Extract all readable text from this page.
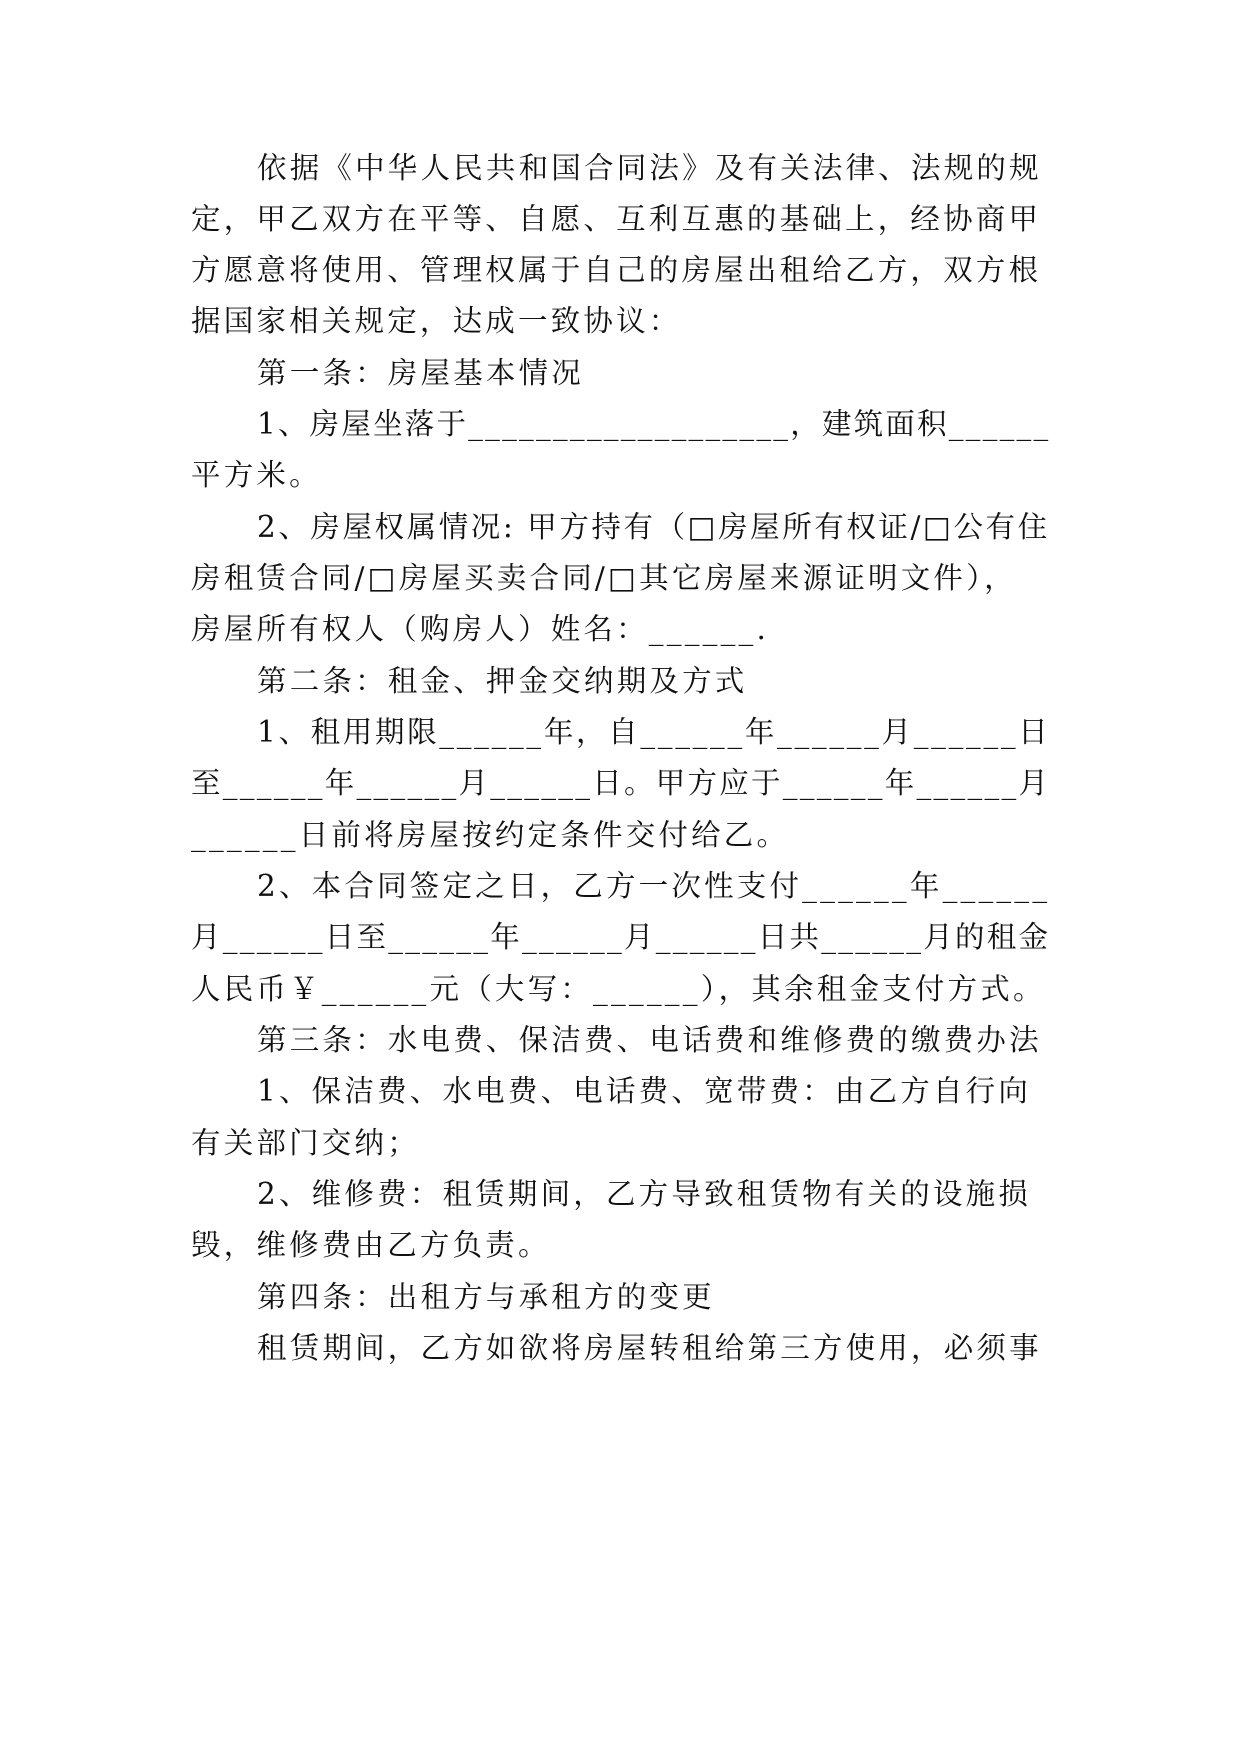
依据《中华人民共和国合同法》及有关法律、法规的规
定，甲乙双方在平等、自愿、互利互惠的基础上，经协商甲
方愿意将使用、管理权属于自己的房屋出租给乙方，双方根
据国家相关规定，达成一致协议：
第一条：房屋基本情况
1、房屋坐落于___________________，建筑面积______
平方米。
2、房屋权属情况: 甲方持有（□房屋所有权证/□公有住
房租赁合同/□房屋买卖合同/□其它房屋来源证明文件），
房屋所有权人（购房人）姓名：______.
第二条：租金、押金交纳期及方式
1、租用期限______年，自______年______月______日
至______年______月______日。甲方应于______年______月
______日前将房屋按约定条件交付给乙。
2、本合同签定之日，乙方一次性支付______年______
月______日至______年______月______日共______月的租金
人民币￥______元（大写：______），其余租金支付方式。
第三条：水电费、保洁费、电话费和维修费的缴费办法
1、保洁费、水电费、电话费、宽带费：由乙方自行向
有关部门交纳；
2、维修费：租赁期间，乙方导致租赁物有关的设施损
毁，维修费由乙方负责。
第四条：出租方与承租方的变更
租赁期间，乙方如欲将房屋转租给第三方使用，必须事
